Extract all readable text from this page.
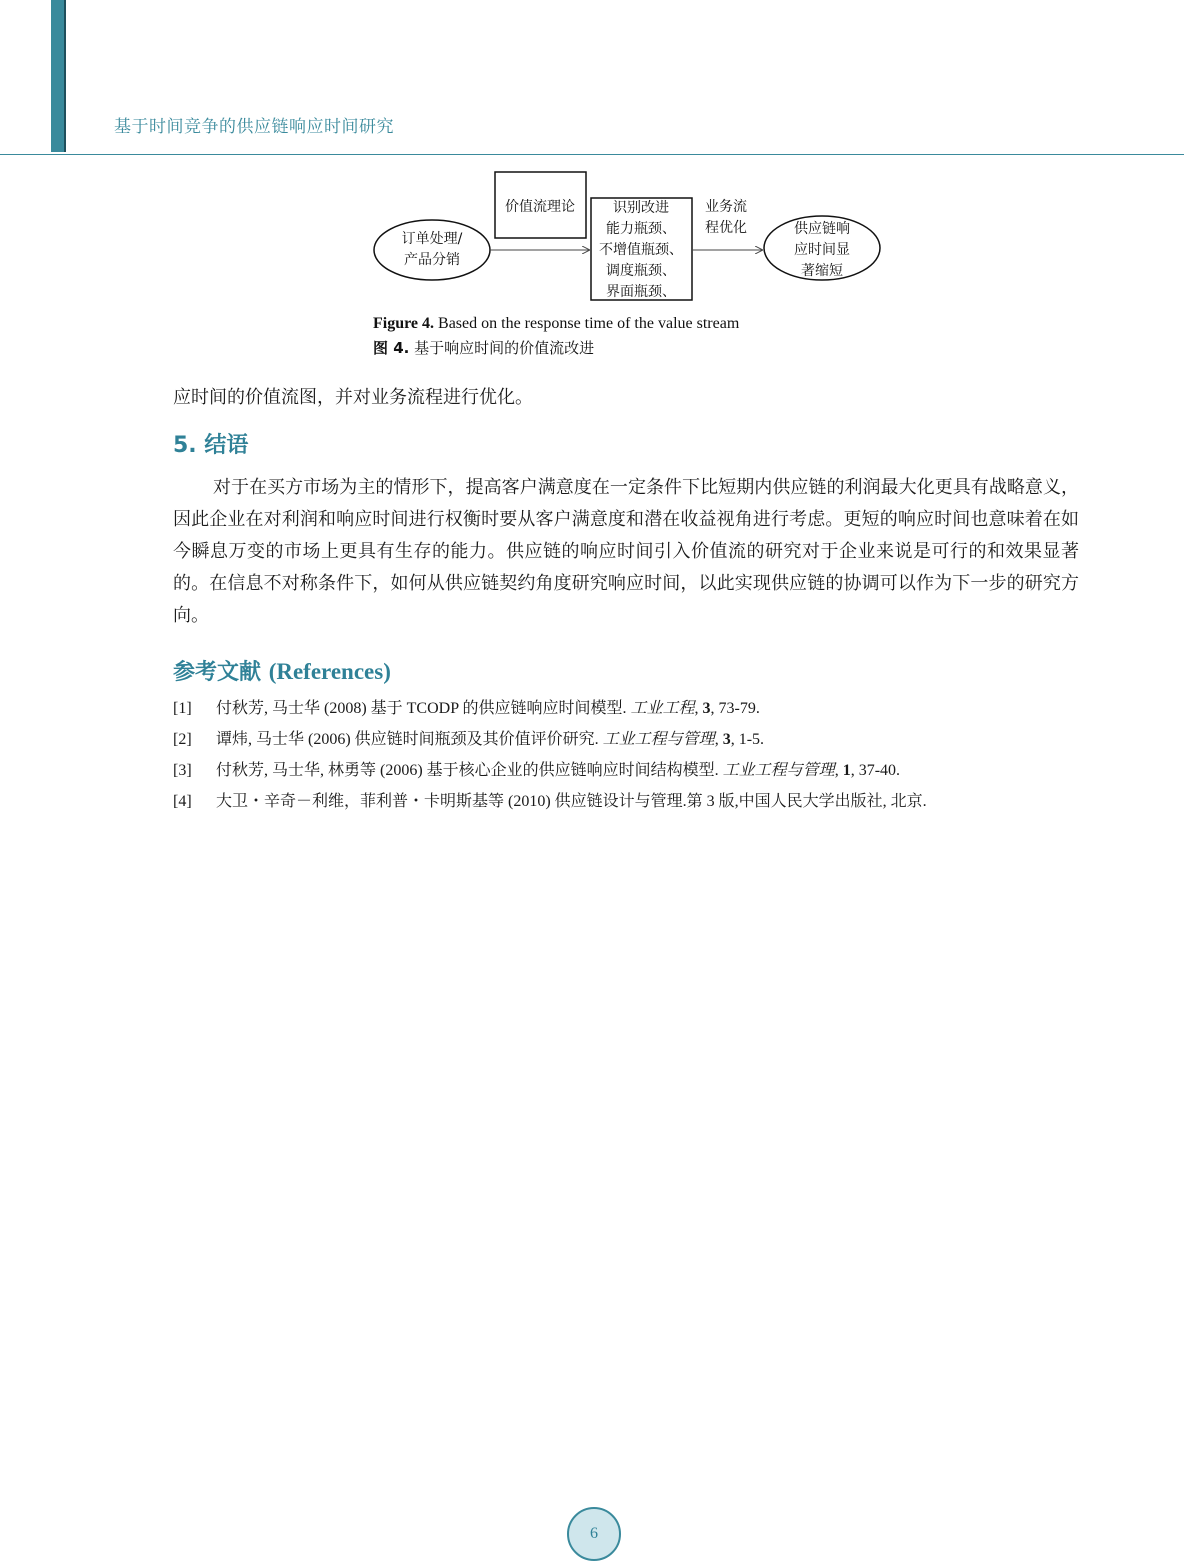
基于时间竞争的供应链响应时间研究
订单处理/
产品分销
价值流理论	识别改进
能力瓶颈、
不增值瓶颈、
调度瓶颈、
界面瓶颈、
业务流
程优化	供应链响
应时间显
著缩短
Figure 4. Based on the response time of the value stream
图 4. 基于响应时间的价值流改进
应时间的价值流图，并对业务流程进行优化。
5. 结语
对于在买方市场为主的情形下，提高客户满意度在一定条件下比短期内供应链的利润最大化更具有战略意义，因此企业在对利润和响应时间进行权衡时要从客户满意度和潜在收益视角进行考虑。更短的响应时间也意味着在如今瞬息万变的市场上更具有生存的能力。供应链的响应时间引入价值流的研究对于企业来说是可行的和效果显著的。在信息不对称条件下，如何从供应链契约角度研究响应时间，以此实现供应链的协调可以作为下一步的研究方向。
参考文献 (References)
[1]	付秋芳, 马士华 (2008) 基于 TCODP 的供应链响应时间模型. 工业工程, 3, 73-79.
[2]	谭炜, 马士华 (2006) 供应链时间瓶颈及其价值评价研究. 工业工程与管理, 3, 1-5.
[3]	付秋芳, 马士华, 林勇等 (2006) 基于核心企业的供应链响应时间结构模型. 工业工程与管理, 1, 37-40.
[4]	大卫・辛奇－利维，菲利普・卡明斯基等 (2010) 供应链设计与管理.第 3 版,中国人民大学出版社, 北京.
6
